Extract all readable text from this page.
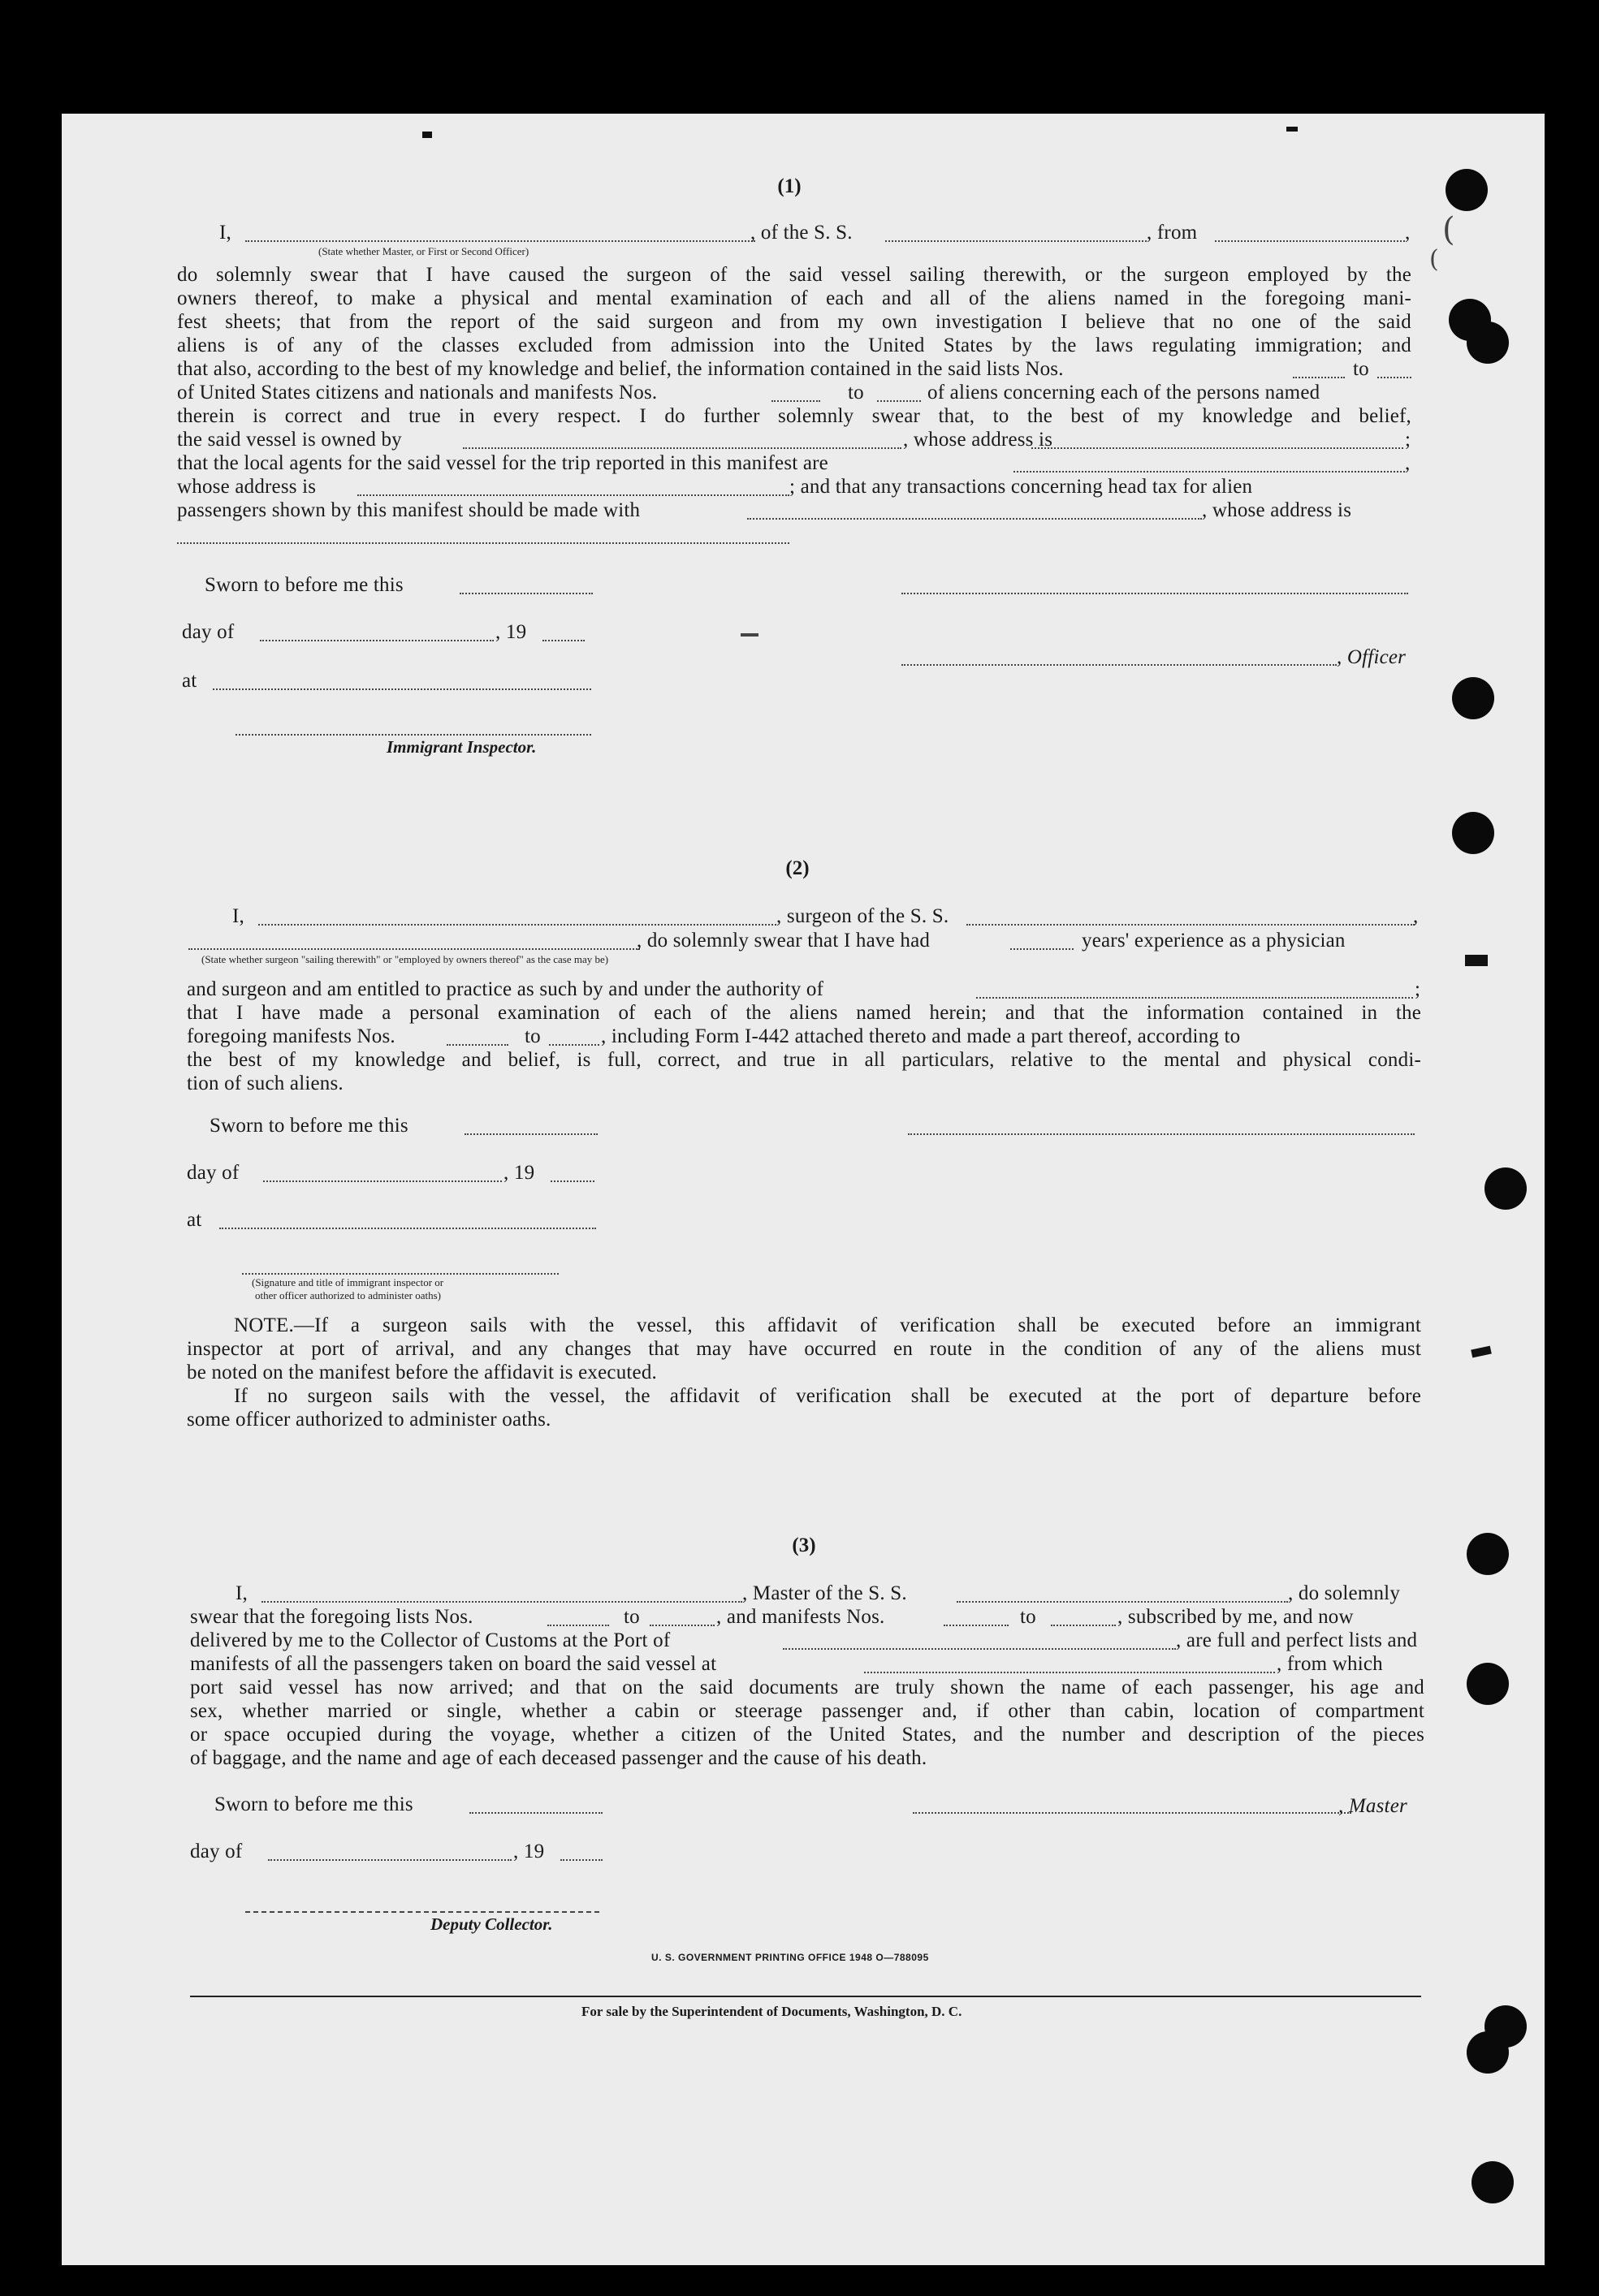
(
(
(1)
I,	, of the S. S.	, from	,
(State whether Master, or First or Second Officer)
do solemnly swear that I have caused the surgeon of the said vessel sailing therewith, or the surgeon employed by the
owners thereof, to make a physical and mental examination of each and all of the aliens named in the foregoing mani-
fest sheets; that from the report of the said surgeon and from my own investigation I believe that no one of the said
aliens is of any of the classes excluded from admission into the United States by the laws regulating immigration; and
that also, according to the best of my knowledge and belief, the information contained in the said lists Nos.	to
of United States citizens and nationals and manifests Nos.	to	of aliens concerning each of the persons named
therein is correct and true in every respect. I do further solemnly swear that, to the best of my knowledge and belief,
the said vessel is owned by	, whose address is	;
that the local agents for the said vessel for the trip reported in this manifest are	,
whose address is	; and that any transactions concerning head tax for alien
passengers shown by this manifest should be made with	, whose address is
Sworn to before me this
day of	, 19
, Officer
at
Immigrant Inspector.
(2)
I,	, surgeon of the S. S.	,
, do solemnly swear that I have had	years' experience as a physician
(State whether surgeon "sailing therewith" or "employed by owners thereof" as the case may be)
and surgeon and am entitled to practice as such by and under the authority of	;
that I have made a personal examination of each of the aliens named herein; and that the information contained in the
foregoing manifests Nos.	to	, including Form I-442 attached thereto and made a part thereof, according to
the best of my knowledge and belief, is full, correct, and true in all particulars, relative to the mental and physical condi-
tion of such aliens.
Sworn to before me this
day of	, 19
at
(Signature and title of immigrant inspector or
other officer authorized to administer oaths)
NOTE.—If a surgeon sails with the vessel, this affidavit of verification shall be executed before an immigrant
inspector at port of arrival, and any changes that may have occurred en route in the condition of any of the aliens must
be noted on the manifest before the affidavit is executed.
If no surgeon sails with the vessel, the affidavit of verification shall be executed at the port of departure before
some officer authorized to administer oaths.
(3)
I,	, Master of the S. S.	, do solemnly
swear that the foregoing lists Nos.	to	, and manifests Nos.	to	, subscribed by me, and now
delivered by me to the Collector of Customs at the Port of	, are full and perfect lists and
manifests of all the passengers taken on board the said vessel at	, from which
port said vessel has now arrived; and that on the said documents are truly shown the name of each passenger, his age and
sex, whether married or single, whether a cabin or steerage passenger and, if other than cabin, location of compartment
or space occupied during the voyage, whether a citizen of the United States, and the number and description of the pieces
of baggage, and the name and age of each deceased passenger and the cause of his death.
Sworn to before me this	, Master
day of	, 19
Deputy Collector.
U. S. GOVERNMENT PRINTING OFFICE 1948 O—788095
For sale by the Superintendent of Documents, Washington, D. C.
